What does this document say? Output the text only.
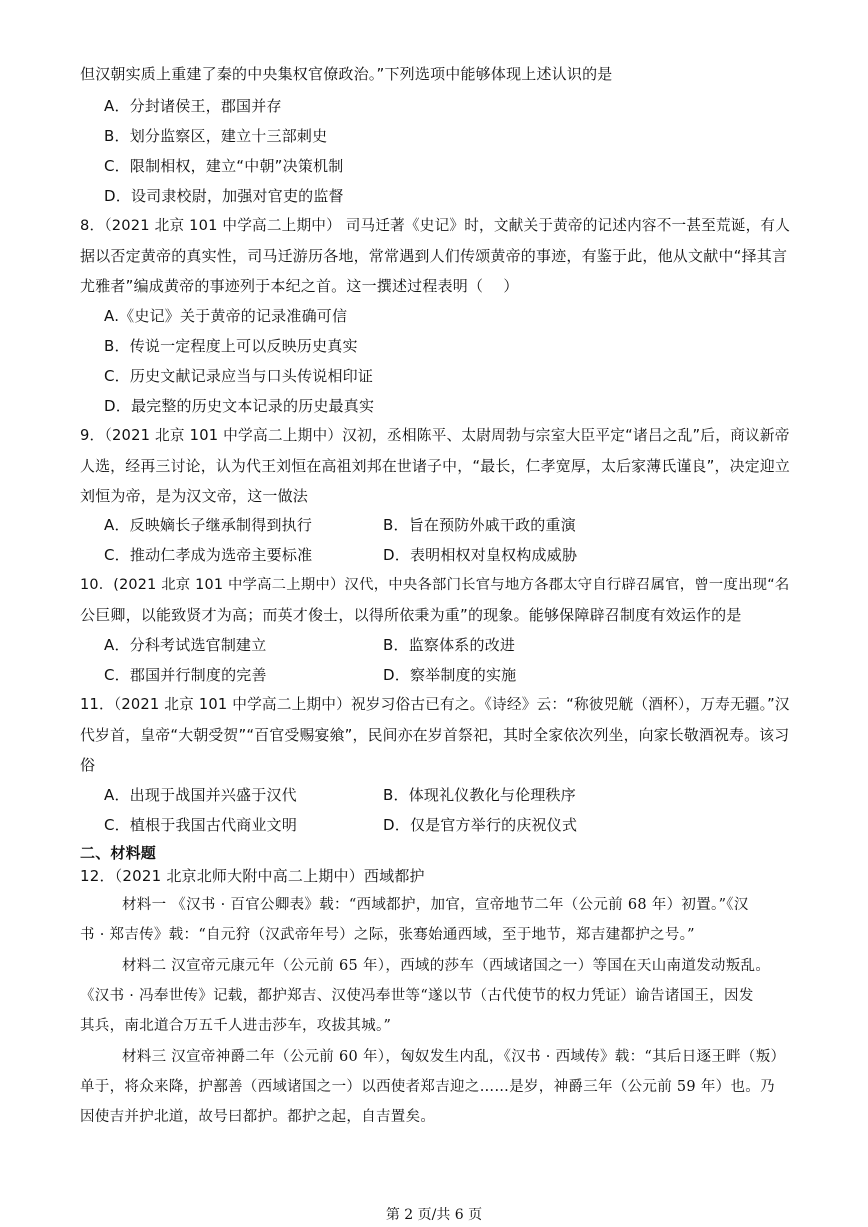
但汉朝实质上重建了秦的中央集权官僚政治。”下列选项中能够体现上述认识的是
A．分封诸侯王，郡国并存
B．划分监察区，建立十三部刺史
C．限制相权，建立“中朝”决策机制
D．设司隶校尉，加强对官吏的监督
8．（2021 北京 101 中学高二上期中） 司马迁著《史记》时，文献关于黄帝的记述内容不一甚至荒诞，有人
据以否定黄帝的真实性，司马迁游历各地，常常遇到人们传颂黄帝的事迹，有鉴于此，他从文献中“择其言
尤雅者”编成黄帝的事迹列于本纪之首。这一撰述过程表明（　 ）
A.《史记》关于黄帝的记录准确可信
B．传说一定程度上可以反映历史真实
C．历史文献记录应当与口头传说相印证
D．最完整的历史文本记录的历史最真实
9．（2021 北京 101 中学高二上期中）汉初，丞相陈平、太尉周勃与宗室大臣平定“诸吕之乱”后，商议新帝
人选，经再三讨论，认为代王刘恒在高祖刘邦在世诸子中，“最长，仁孝宽厚，太后家薄氏谨良”，决定迎立
刘恒为帝，是为汉文帝，这一做法
A．反映嫡长子继承制得到执行	B．旨在预防外戚干政的重演
C．推动仁孝成为选帝主要标准	D．表明相权对皇权构成威胁
10．(2021 北京 101 中学高二上期中）汉代，中央各部门长官与地方各郡太守自行辟召属官，曾一度出现“名
公巨卿，以能致贤才为高；而英才俊士，以得所依秉为重”的现象。能够保障辟召制度有效运作的是
A．分科考试选官制建立	B．监察体系的改进
C．郡国并行制度的完善	D．察举制度的实施
11．（2021 北京 101 中学高二上期中）祝岁习俗古已有之。《诗经》云：“称彼兕觥（酒杯），万寿无疆。”汉
代岁首，皇帝“大朝受贺”“百官受赐宴飨”，民间亦在岁首祭祀，其时全家依次列坐，向家长敬酒祝寿。该习
俗
A．出现于战国并兴盛于汉代	B．体现礼仪教化与伦理秩序
C．植根于我国古代商业文明	D．仅是官方举行的庆祝仪式
二、材料题
12．（2021 北京北师大附中高二上期中）西域都护
材料一 《汉书 · 百官公卿表》载：“西域都护，加官，宣帝地节二年（公元前 68 年）初置。”《汉
书 · 郑吉传》载：“自元狩（汉武帝年号）之际，张骞始通西域，至于地节，郑吉建都护之号。”
材料二 汉宣帝元康元年（公元前 65 年），西域的莎车（西域诸国之一）等国在天山南道发动叛乱。
《汉书 · 冯奉世传》记载，都护郑吉、汉使冯奉世等“遂以节（古代使节的权力凭证）谕告诸国王，因发
其兵，南北道合万五千人进击莎车，攻拔其城。”
材料三 汉宣帝神爵二年（公元前 60 年），匈奴发生内乱，《汉书 · 西域传》载：“其后日逐王畔（叛）
单于，将众来降，护鄯善（西域诸国之一）以西使者郑吉迎之……是岁，神爵三年（公元前 59 年）也。乃
因使吉并护北道，故号曰都护。都护之起，自吉置矣。
第 2 页/共 6 页
